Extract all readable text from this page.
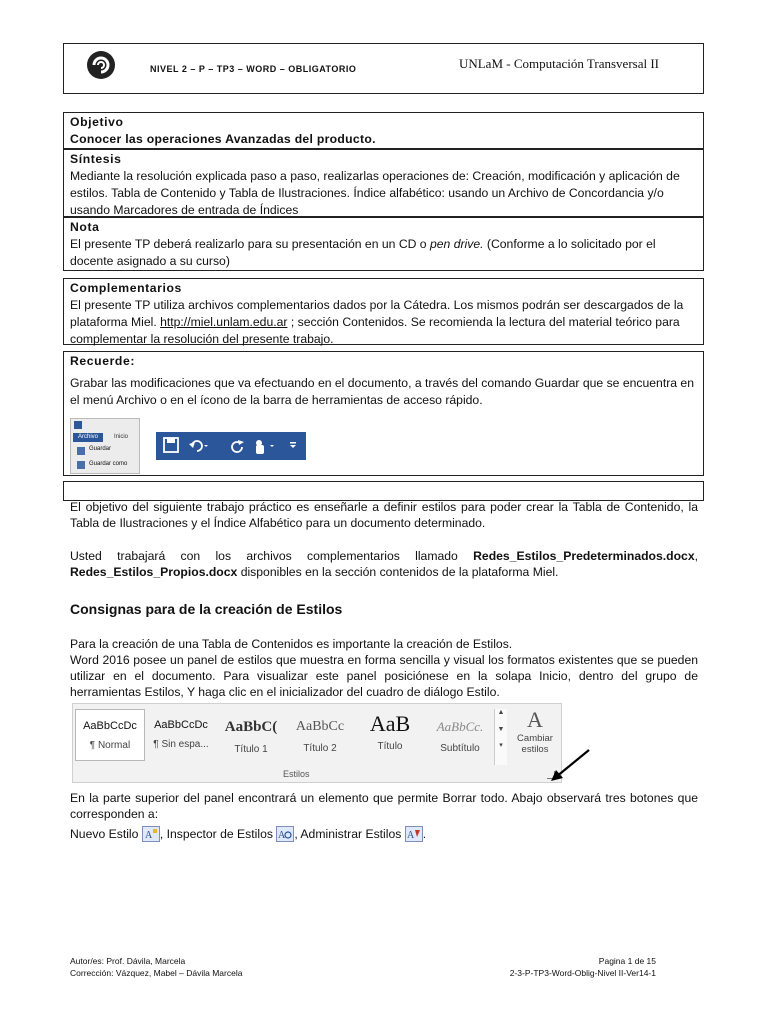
NIVEL 2 – P – TP3 – WORD – OBLIGATORIO	UNLaM - Computación Transversal II
Objetivo
Conocer las operaciones Avanzadas del producto.
Síntesis
Mediante la resolución explicada paso a paso, realizarlas operaciones de: Creación, modificación y aplicación de estilos. Tabla de Contenido y Tabla de Ilustraciones. Índice alfabético: usando un Archivo de Concordancia y/o usando Marcadores de entrada de Índices
Nota
El presente TP deberá realizarlo para su presentación en un CD o pen drive. (Conforme a lo solicitado por el docente asignado a su curso)
Complementarios
El presente TP utiliza archivos complementarios dados por la Cátedra. Los mismos podrán ser descargados de la plataforma Miel. http://miel.unlam.edu.ar ; sección Contenidos. Se recomienda la lectura del material teórico para complementar la resolución del presente trabajo.
Recuerde:
Grabar las modificaciones que va efectuando en el documento, a través del comando Guardar que se encuentra en el menú Archivo o en el ícono de la barra de herramientas de acceso rápido.
Archivo	Inicio
Guardar
Guardar como
El objetivo del siguiente trabajo práctico es enseñarle a definir estilos para poder crear la Tabla de Contenido, la Tabla de Ilustraciones y el Índice Alfabético para un documento determinado.
Usted trabajará con los archivos complementarios llamado Redes_Estilos_Predeterminados.docx, Redes_Estilos_Propios.docx disponibles en la sección contenidos de la plataforma Miel.
Consignas para de la creación de Estilos
Para la creación de una Tabla de Contenidos es importante la creación de Estilos.
Word 2016 posee un panel de estilos que muestra en forma sencilla y visual los formatos existentes que se pueden utilizar en el documento. Para visualizar este panel posiciónese en la solapa Inicio, dentro del grupo de herramientas Estilos, Y haga clic en el inicializador del cuadro de diálogo Estilo.
AaBbCcDc
¶ Normal
AaBbCcDc
¶ Sin espa...
AaBbC(
Título 1
AaBbCc
Título 2
AaB
Título
AaBbCc.
Subtítulo
▲
▼
▾
A
Cambiar estilos
Estilos
En la parte superior del panel encontrará un elemento que permite Borrar todo. Abajo observará tres botones que corresponden a:
Nuevo Estilo A , Inspector de Estilos A , Administrar Estilos A .
Autor/es: Prof. Dávila, Marcela
Corrección: Vázquez, Mabel – Dávila Marcela
Pagina 1 de 15
2-3-P-TP3-Word-Oblig-Nivel II-Ver14-1
